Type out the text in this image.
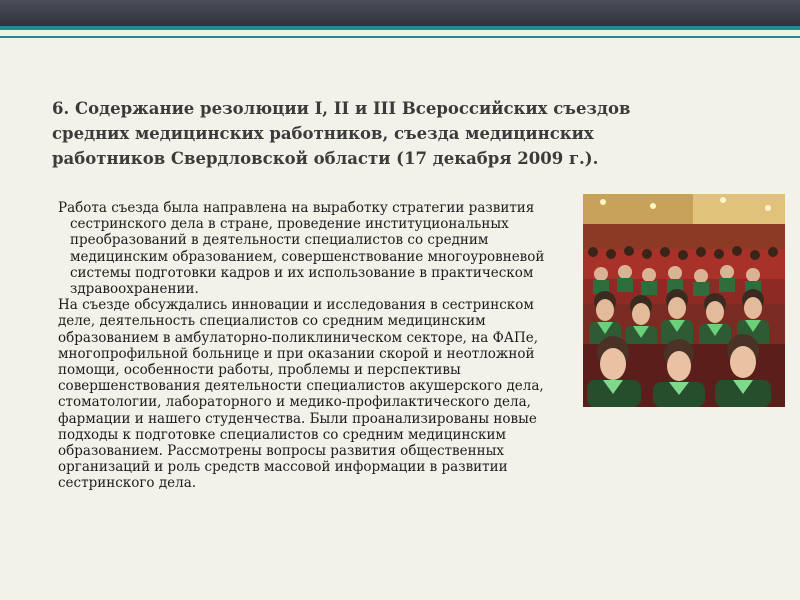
6. Содержание резолюции I, II и III Всероссийских съездов средних медицинских работников, съезда медицинских работников Свердловской области (17 декабря 2009 г.).

Работа съезда была направлена на выработку стратегии развития сестринского дела в стране, проведение институциональных преобразований в деятельности специалистов со средним медицинским образованием, совершенствование многоуровневой системы подготовки кадров и их использование в практическом здравоохранении.

На съезде обсуждались инновации и исследования в сестринском деле, деятельность специалистов со средним медицинским образованием в амбулаторно-поликлиническом секторе, на ФАПе, многопрофильной больнице и при оказании скорой и неотложной помощи, особенности работы, проблемы и перспективы совершенствования деятельности специалистов акушерского дела, стоматологии, лабораторного и медико-профилактического дела, фармации и нашего студенчества. Были проанализированы новые подходы к подготовке специалистов со средним медицинским образованием. Рассмотрены вопросы развития общественных организаций и роль средств массовой информации в развитии сестринского дела.
